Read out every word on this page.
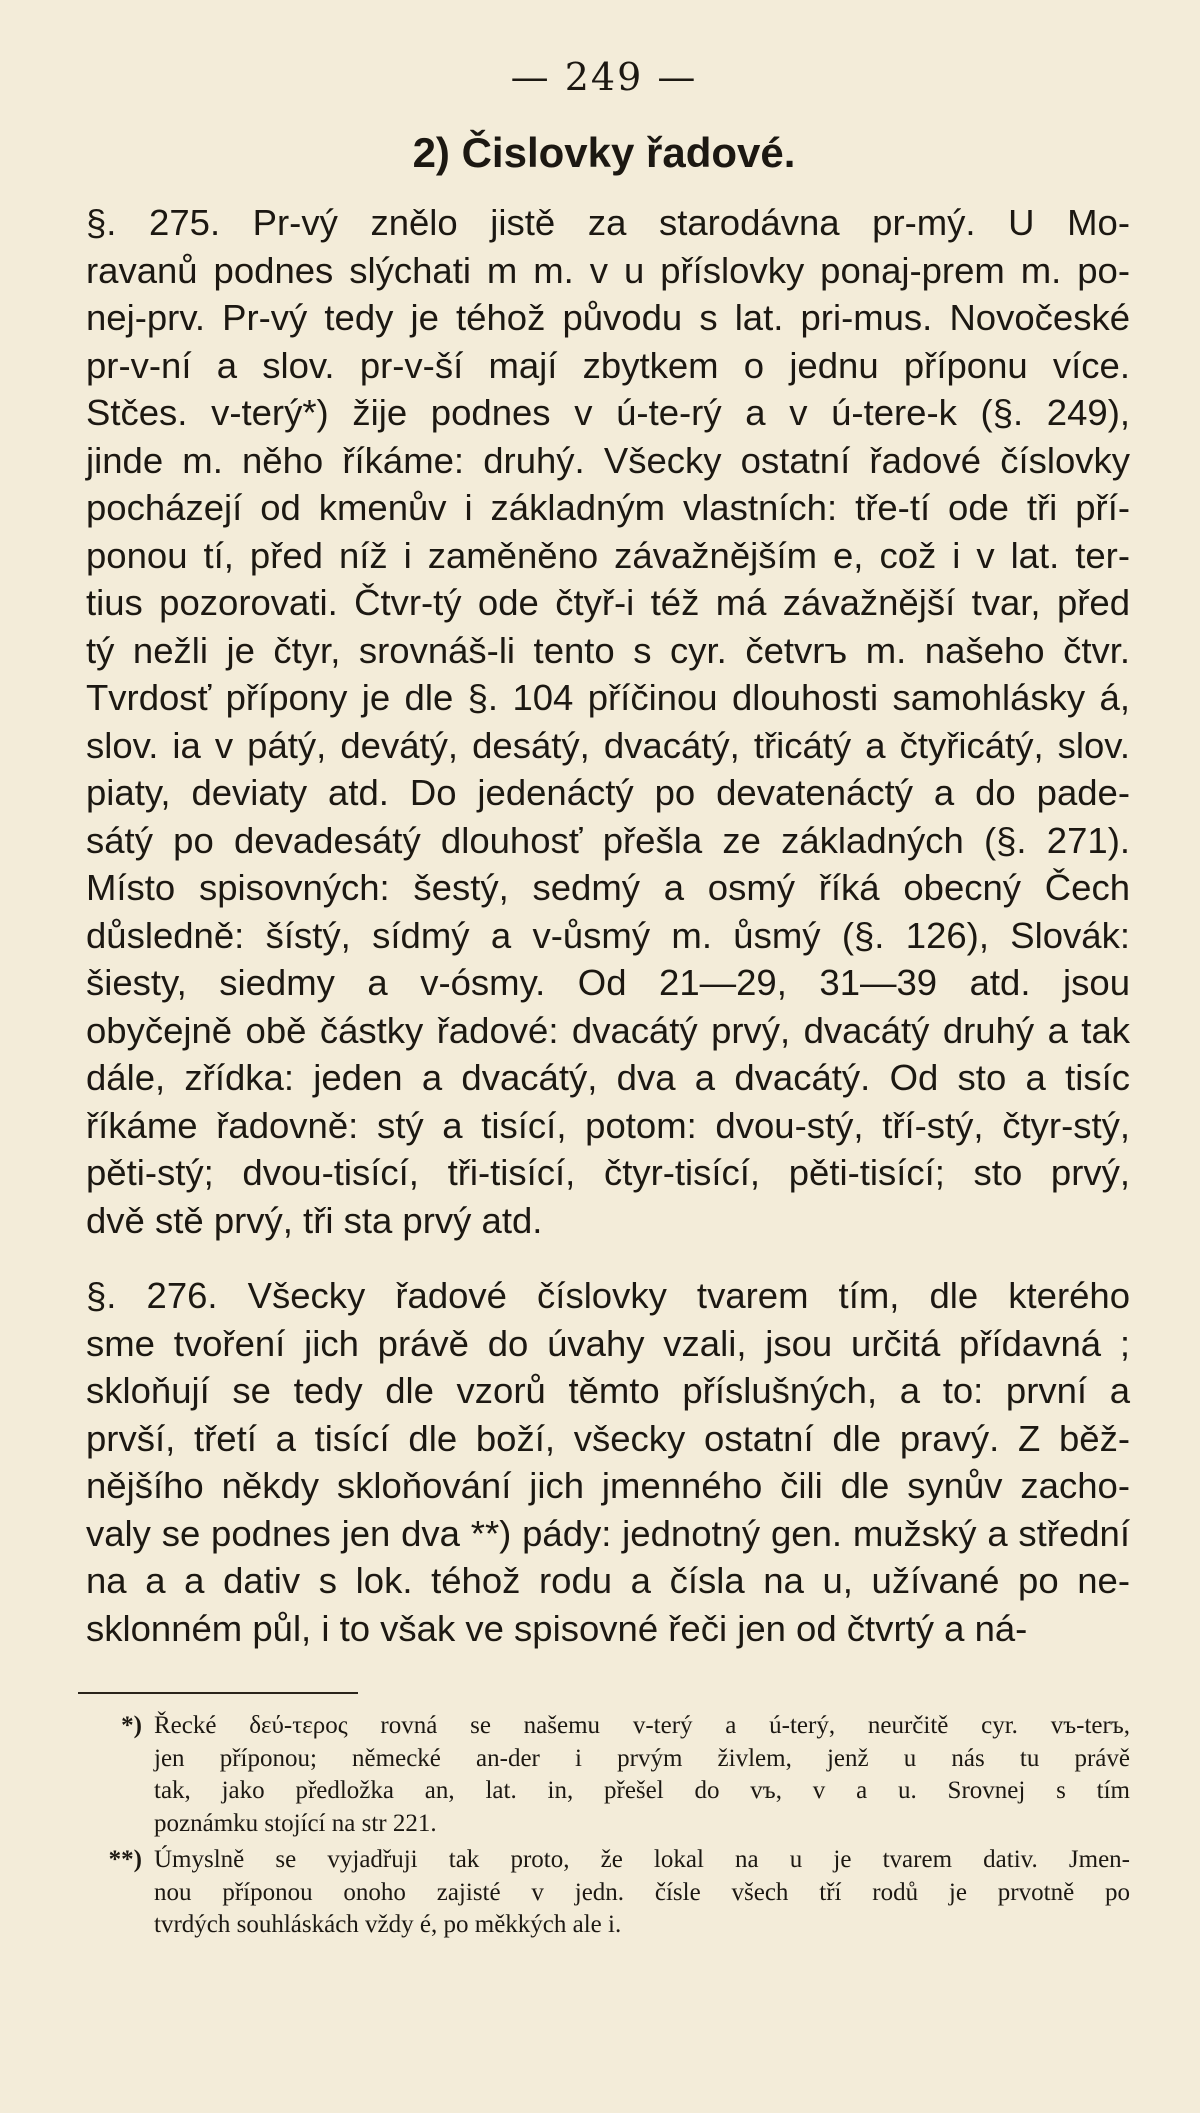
— 249 —
2) Čislovky řadové.
§. 275. Pr-vý znělo jistě za starodávna pr-mý. U Mo-
ravanů podnes slýchati m m. v u příslovky ponaj-prem m. po-
nej-prv. Pr-vý tedy je téhož původu s lat. pri-mus. Novočeské
pr-v-ní a slov. pr-v-ší mají zbytkem o jednu příponu více.
Stčes. v-terý*) žije podnes v ú-te-rý a v ú-tere-k (§. 249),
jinde m. něho říkáme: druhý. Všecky ostatní řadové číslovky
pocházejí od kmenův i základným vlastních: tře-tí ode tři pří-
ponou tí, před níž i zaměněno závažnějším e, což i v lat. ter-
tius pozorovati. Čtvr-tý ode čtyř-i též má závažnější tvar, před
tý nežli je čtyr, srovnáš-li tento s cyr. četvrъ m. našeho čtvr.
Tvrdosť přípony je dle §. 104 příčinou dlouhosti samohlásky á,
slov. ia v pátý, devátý, desátý, dvacátý, třicátý a čtyřicátý, slov.
piaty, deviaty atd. Do jedenáctý po devatenáctý a do pade-
sátý po devadesátý dlouhosť přešla ze základných (§. 271).
Místo spisovných: šestý, sedmý a osmý říká obecný Čech
důsledně: šístý, sídmý a v-ůsmý m. ůsmý (§. 126), Slovák:
šiesty, siedmy a v-ósmy. Od 21—29, 31—39 atd. jsou
obyčejně obě částky řadové: dvacátý prvý, dvacátý druhý a tak
dále, zřídka: jeden a dvacátý, dva a dvacátý. Od sto a tisíc
říkáme řadovně: stý a tisící, potom: dvou-stý, tří-stý, čtyr-stý,
pěti-stý; dvou-tisící, tři-tisící, čtyr-tisící, pěti-tisící; sto prvý,
dvě stě prvý, tři sta prvý atd.
§. 276. Všecky řadové číslovky tvarem tím, dle kterého
sme tvoření jich právě do úvahy vzali, jsou určitá přídavná ;
skloňují se tedy dle vzorů těmto příslušných, a to: první a
prvší, třetí a tisící dle boží, všecky ostatní dle pravý. Z běž-
nějšího někdy skloňování jich jmenného čili dle synův zacho-
valy se podnes jen dva **) pády: jednotný gen. mužský a střední
na a a dativ s lok. téhož rodu a čísla na u, užívané po ne-
sklonném půl, i to však ve spisovné řeči jen od čtvrtý a ná-
*) Řecké δεύ-τερος rovná se našemu v-terý a ú-terý, neurčitě cyr. vъ-terъ,
jen příponou; německé an-der i prvým živlem, jenž u nás tu právě
tak, jako předložka an, lat. in, přešel do vъ, v a u. Srovnej s tím
poznámku stojící na str 221.
**) Úmyslně se vyjadřuji tak proto, že lokal na u je tvarem dativ. Jmen-
nou příponou onoho zajisté v jedn. čísle všech tří rodů je prvotně po
tvrdých souhláskách vždy é, po měkkých ale i.
